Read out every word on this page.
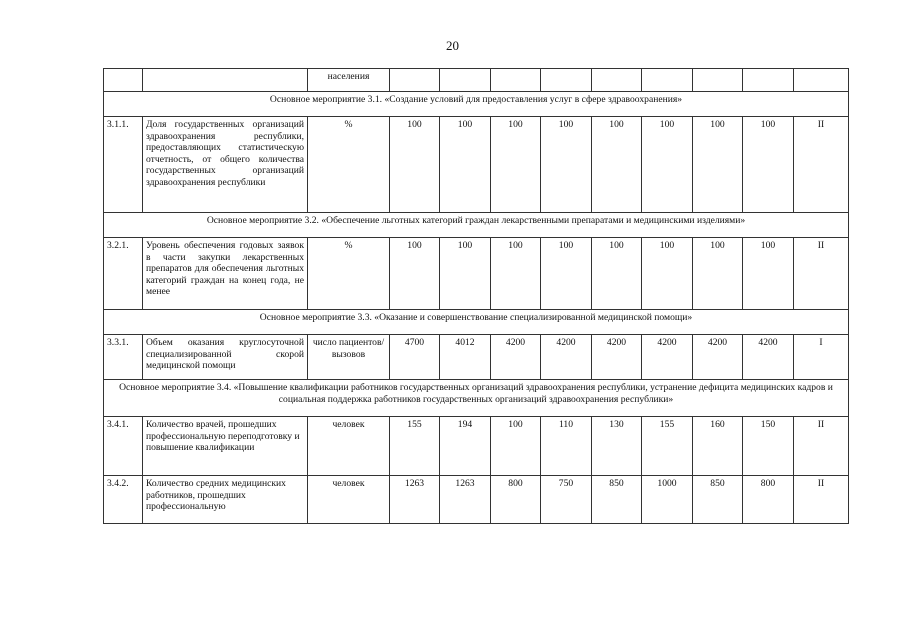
20
		населения									
Основное мероприятие 3.1. «Создание условий для предоставления услуг в сфере здравоохранения»											
3.1.1.	Доля государственных организаций здравоохранения республики, предоставляющих статистическую отчетность, от общего количества государственных организаций здравоохранения республики	%	100	100	100	100	100	100	100	100	II
Основное мероприятие 3.2. «Обеспечение льготных категорий граждан лекарственными препаратами и медицинскими изделиями»											
3.2.1.	Уровень обеспечения годовых заявок в части закупки лекарственных препаратов для обеспечения льготных категорий граждан на конец года, не менее	%	100	100	100	100	100	100	100	100	II
Основное мероприятие 3.3. «Оказание и совершенствование специализированной медицинской помощи»											
3.3.1.	Объем оказания круглосуточной специализированной скорой медицинской помощи	число пациентов/ вызовов	4700	4012	4200	4200	4200	4200	4200	4200	I
Основное мероприятие 3.4. «Повышение квалификации работников государственных организаций здравоохранения республики, устранение дефицита медицинских кадров и социальная поддержка работников государственных организаций здравоохранения республики»											
3.4.1.	Количество врачей, прошедших профессиональную переподготовку и повышение квалификации	человек	155	194	100	110	130	155	160	150	II
3.4.2.	Количество средних медицинских работников, прошедших профессиональную	человек	1263	1263	800	750	850	1000	850	800	II
